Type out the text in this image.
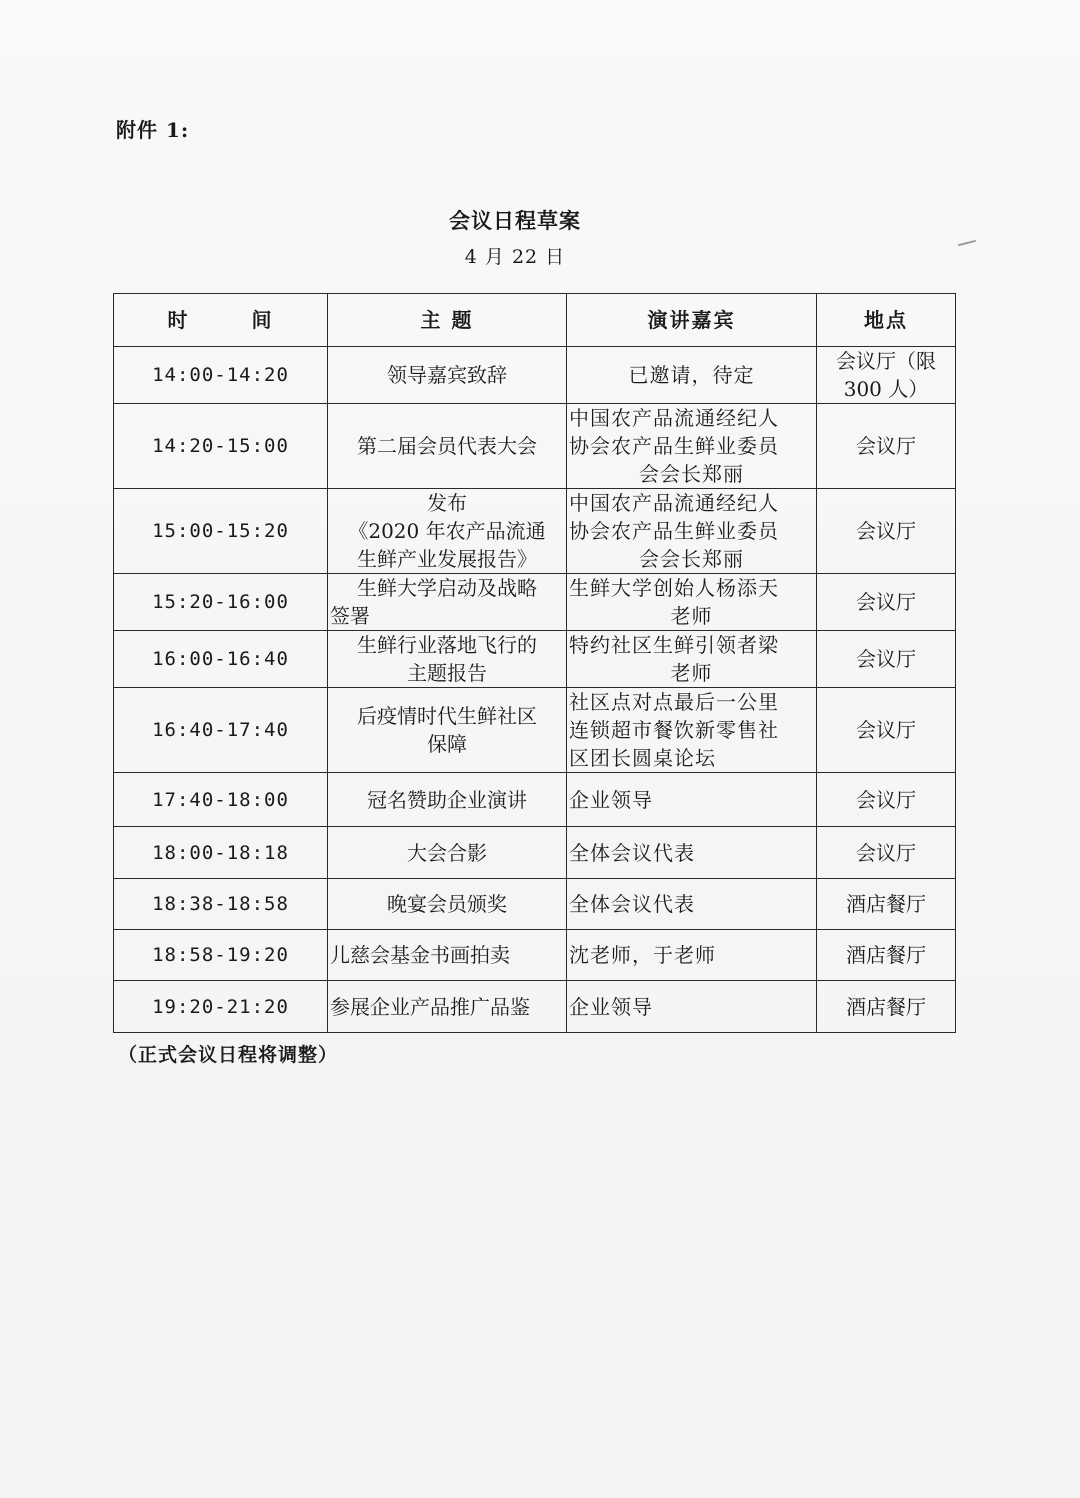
附件 1:
会议日程草案
4 月 22 日
时 间	主 题	演讲嘉宾	地点
14:00-14:20	领导嘉宾致辞	已邀请，待定	会议厅（限
300 人）

14:20-15:00	第二届会员代表大会	中国农产品流通经纪人
协会农产品生鲜业委员
会会长郑丽	会议厅

15:00-15:20	发布
《2020 年农产品流通
生鲜产业发展报告》	中国农产品流通经纪人
协会农产品生鲜业委员
会会长郑丽	会议厅

15:20-16:00	生鲜大学启动及战略
签署	生鲜大学创始人杨添天
老师	会议厅

16:00-16:40	生鲜行业落地飞行的
主题报告	特约社区生鲜引领者梁
老师	会议厅

16:40-17:40	后疫情时代生鲜社区
保障	社区点对点最后一公里
连锁超市餐饮新零售社
区团长圆桌论坛	会议厅

17:40-18:00	冠名赞助企业演讲	企业领导	会议厅

18:00-18:18	大会合影	全体会议代表	会议厅

18:38-18:58	晚宴会员颁奖	全体会议代表	酒店餐厅

18:58-19:20	儿慈会基金书画拍卖	沈老师，于老师	酒店餐厅

19:20-21:20	参展企业产品推广品鉴	企业领导	酒店餐厅
（正式会议日程将调整）
